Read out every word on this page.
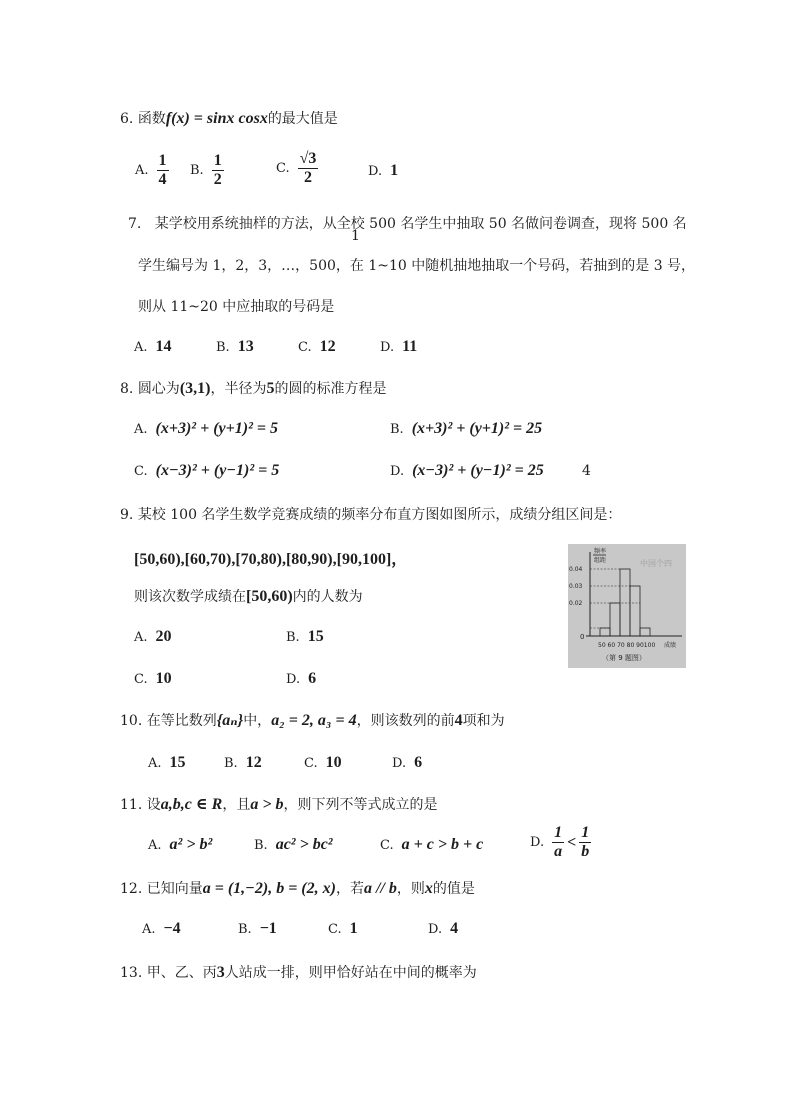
6. 函数f(x) = sinx cosx的最大值是
A. $\frac{1}{4} B$. $\frac{1}{2}$	C. $\frac{√3}{2}$	D. 1
7. 某学校用系统抽样的方法，从全校 500 名学生中抽取 50 名做问卷调查，现将 500 名
1
学生编号为 1，2，3，…，500，在 1~10 中随机抽地抽取一个号码，若抽到的是 3 号，
则从 11~20 中应抽取的号码是
A. 14	B. 13	C. 12	D. 11
8. 圆心为(3,1)，半径为5的圆的标准方程是
A. (x+3)² + (y+1)² = 5	B. (x+3)² + (y+1)² = 25
C. (x−3)² + (y−1)² = 5	D. (x−3)² + (y−1)² = 25	4
9. 某校 100 名学生数学竞赛成绩的频率分布直方图如图所示，成绩分组区间是：
[50,60),[60,70),[70,80),[80,90),[90,100]，
则该次数学成绩在[50,60)内的人数为
A. 20	B. 15
C. 10	D. 6
中国个四
频率
组距
0.04
0.03
0.02
0
50 60 70 80 90100 成绩
（第 9 题图）
10. 在等比数列{aₙ}中，a₂ = 2, a₃ = 4，则该数列的前4项和为
A. 15	B. 12	C. 10	D. 6
11. 设a,b,c ∈ R，且a > b，则下列不等式成立的是
A. a² > b²	B. ac² > bc²	C. a + c > b + c	D. $\frac{1}{a} < \frac{1}{b}$
12. 已知向量a = (1,−2), b = (2, x)，若a // b，则x的值是
A. −4	B. −1	C. 1	D. 4
13. 甲、乙、丙3人站成一排，则甲恰好站在中间的概率为
